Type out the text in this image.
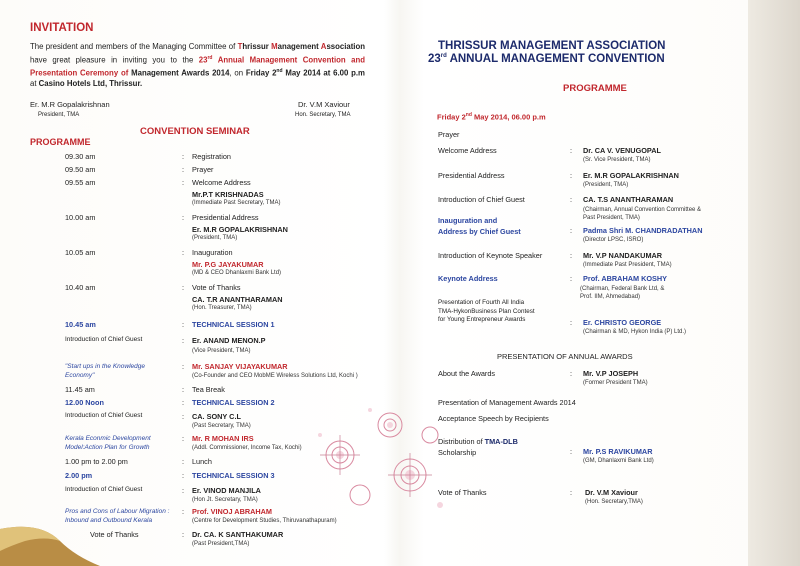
INVITATION
The president and members of the Managing Committee of Thrissur Management Association have great pleasure in inviting you to the 23rd Annual Management Convention and Presentation Ceremony of Management Awards 2014, on Friday 2nd May 2014 at 6.00 p.m at Casino Hotels Ltd, Thrissur.
Er. M.R Gopalakrishnan
President, TMA
Dr. V.M Xaviour
Hon. Secretary, TMA
CONVENTION SEMINAR
PROGRAMME
09.30 am	: Registration
09.50 am	: Prayer
09.55 am	: Welcome Address
Mr.P.T KRISHNADAS
(Immediate Past Secretary, TMA)
10.00 am	: Presidential Address
Er. M.R GOPALAKRISHNAN
(President, TMA)
10.05 am	: Inauguration
Mr. P.G JAYAKUMAR
(MD & CEO Dhanlaxmi Bank Ltd)
10.40 am	: Vote of Thanks
CA. T.R ANANTHARAMAN
(Hon. Treasurer, TMA)
10.45 am	: TECHNICAL SESSION 1
Introduction of Chief Guest	: Er. ANAND MENON.P
(Vice President, TMA)
"Start ups in the Knowledge
Economy"
: Mr. SANJAY VIJAYAKUMAR
(Co-Founder and CEO MobME Wireless Solutions Ltd, Kochi )
11.45 am	: Tea Break
12.00 Noon	: TECHNICAL SESSION 2
Introduction of Chief Guest	: CA. SONY C.L
(Past Secretary, TMA)
Kerala Econmic Development
Model:Action Plan for Growth
: Mr. R MOHAN IRS
(Addl. Commissioner, Income Tax, Kochi)
1.00 pm to 2.00 pm	: Lunch
2.00 pm	: TECHNICAL SESSION 3
Introduction of Chief Guest	: Er. VINOD MANJILA
(Hon Jt. Secretary, TMA)
Pros and Cons of Labour Migration :
Inbound and Outbound Kerala
: Prof. VINOJ ABRAHAM
(Centre for Development Studies, Thiruvanathapuram)
Vote of Thanks	: Dr. CA. K SANTHAKUMAR
(Past President,TMA)
THRISSUR MANAGEMENT ASSOCIATION
23rd ANNUAL MANAGEMENT CONVENTION
PROGRAMME
Friday 2nd May 2014, 06.00 p.m
Prayer
Welcome Address	: Dr. CA V. VENUGOPAL
(Sr. Vice President, TMA)
Presidential Address	: Er. M.R GOPALAKRISHNAN
(President, TMA)
Introduction of Chief Guest	: CA. T.S ANANTHARAMAN
(Chairman, Annual Convention Committee &
Past President, TMA)
Inauguration and
Address by Chief Guest	: Padma Shri M. CHANDRADATHAN
(Director LPSC, ISRO)
Introduction of Keynote Speaker	: Mr. V.P NANDAKUMAR
(Immediate Past President, TMA)
Keynote Address	: Prof. ABRAHAM KOSHY
(Chairman, Federal Bank Ltd, &
Prof. IIM, Ahmedabad)
Presentation of Fourth All India
TMA-HykonBusiness Plan Contest
for Young Entrepreneur Awards	: Er. CHRISTO GEORGE
(Chairman & MD, Hykon India (P) Ltd.)
PRESENTATION OF ANNUAL AWARDS
About the Awards	: Mr. V.P JOSEPH
(Former President TMA)
Presentation of Management Awards 2014
Acceptance Speech by Recipients
Distribution of TMA-DLB
Scholarship	: Mr. P.S RAVIKUMAR
(GM, Dhanlaxmi Bank Ltd)
Vote of Thanks	: Dr. V.M Xaviour
(Hon. Secretary,TMA)
